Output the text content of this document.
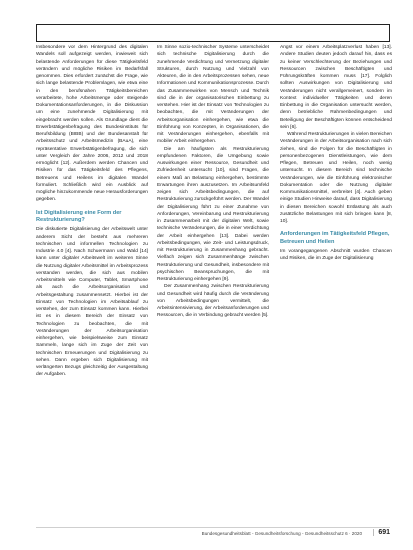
Insbesondere vor dem Hintergrund des digitalen Wandels soll aufgezeigt werden, inwieweit sich belastende Anforderungen für diese Tätigkeitsfeld verändern und mögliche Risiken im Bedarfsfall genommen. Dies erfordert zunächst die Frage, wie sich lange belastende Problemlagen, wie etwa eine in den berufsnahen Tätigkeitsbereichen verarbeitete, hohe Arbeitsmenge oder steigende Dokumentationsanforderungen, in die Diskussion um eine zunehmende Digitalisierung mit eingebracht werden sollen. Als Grundlage dient die Erwerbstätigenbefragung des Bundesinstituts für Berufsbildung (BIBB) und der Bundesanstalt für Arbeitsschutz und Arbeitsmedizin (BAuA), eine repräsentative Erwerbstätigenbefragung, die sich unter Vergleich der Jahre 2006, 2012 und 2018 ermöglicht [12]. Außerdem werden Chancen und Risiken für das Tätigkeitsfeld des Pflegens, Betreuens und Heilens im digitalen Wandel formuliert. Schließlich wird ein Ausblick auf mögliche hinzukommende neue Herausforderungen gegeben.

Ist Digitalisierung eine Form der Restrukturierung?

Die diskutierte Digitalisierung der Arbeitswelt unter anderem Sicht der besteht aus mehreren technischen und informellen Technologien zu Industrie 4.0 [4]. Nach Schuermann und Wald [14] kann unter digitaler Arbeitswelt im weiteren Sinne die Nutzung digitaler Arbeitsmittel im Arbeitsprozess verstanden werden, die sich aus mobilen Arbeitsmitteln wie Computer, Tablet, Smartphone als auch die Arbeitsorganisation und Arbeitsgestaltung zusammensetzt. Hierbei ist der Einsatz von Technologien im Arbeitsablauf zu verstehen, der zum Einsatz kommen kann. Hierbei ist es in diesem Bereich der Einsatz von Technologien zu beobachten, die mit Veränderungen der Arbeitsorganisation einhergehen, wie beispielsweise zum Einsatz Sammeln, lange sich im Zuge der Zeit von technischen Erneuerungen und Digitalisierung zu sehen. Dann ergeben sich Digitalisierung mit verlängerten Bezugs gleichzeitig der Ausgestaltung der Aufgaben.

Im Sinne sozio-technischer Systeme unterscheidet sich technische Digitalisierung durch die zunehmende Verdichtung und Vernetzung digitaler Strukturen, durch Nutzung und Vielzahl von Akteuren, die in den Arbeitsprozessen sehen, neue Informationen und Kommunikationsprozesse. Durch das Zusammenwirken von Mensch und Technik sind die in der organisatorischen Einbettung zu verstehen. Hier ist der Einsatz von Technologien zu beobachten, die mit Veränderungen der Arbeitsorganisation einhergehen, wie etwa die Einführung von Konzepten, in Organisationen, die mit Veränderungen einhergehen, ebenfalls mit mobiler Arbeit einhergehen.

Die am häufigsten als Restrukturierung empfundenen Faktoren, die Umgebung sowie Auswirkungen einer Ressource, Gesundheit und Zufriedenheit untersucht [10], sind Fragen, die einem Maß an Belastung einhergehen, bestimmte Erwartungen ihren auszusetzen. Im Arbeitsumfeld zeigen sich Arbeitsbedingungen, die auf Restrukturierung zurückgeführt werden. Der Wandel der Digitalisierung führt zu einer Zunahme von Anforderungen, Vereinbarung und Restrukturierung in Zusammenarbeit mit der digitalen Welt, sowie technische Veränderungen, die in einer Verdichtung der Arbeit einhergehen [13]. Dabei werden Arbeitsbedingungen, wie Zeit- und Leistungsdruck, mit Restrukturierung in Zusammenhang gebracht. Vielfach zeigen sich Zusammenhänge zwischen Restrukturierung und Gesundheit, insbesondere mit psychischen Beanspruchungen, die mit Restrukturierung einhergehen [9].

Der Zusammenhang zwischen Restrukturierung und Gesundheit wird häufig durch die Veränderung von Arbeitsbedingungen vermittelt, die Arbeitsintensivierung, der Arbeitsanforderungen und Ressourcen, die in Verbindung gebracht werden [5].

Angst vor einem Arbeitsplatzverlust haben [13]. Andere Studien deuten jedoch darauf hin, dass es zu keiner Verschlechterung der Beziehungen und Ressourcen zwischen Beschäftigten und Führungskräften kommen muss [17]. Folglich sollten Auswirkungen von Digitalisierung und Veränderungen nicht verallgemeinert, sondern im Kontext individueller Tätigkeiten und deren Einbettung in die Organisation untersucht werden, denn betriebliche Rahmenbedingungen und Beteiligung der Beschäftigten können entscheidend sein [6].

Während Restrukturierungen in vielen Bereichen Veränderungen in der Arbeitsorganisation nach sich ziehen, sind die Folgen für die Beschäftigten in personenbezogenen Dienstleistungen, wie dem Pflegen, Betreuen und Heilen, noch wenig untersucht. In diesem Bereich sind technische Veränderungen, wie die Einführung elektronischer Dokumentation oder die Nutzung digitaler Kommunikationsmittel, verbreitet [4]. Auch geben einige Studien Hinweise darauf, dass Digitalisierung in diesen Bereichen sowohl Entlastung als auch zusätzliche Belastungen mit sich bringen kann [8, 10].

Anforderungen im Tätigkeitsfeld Pflegen, Betreuen und Heilen

Im vorangegangenen Abschnitt wurden Chancen und Risiken, die im Zuge der Digitalisierung

Bundesgesundheitsblatt - Gesundheitsforschung - Gesundheitsschutz 6 · 2020	691
